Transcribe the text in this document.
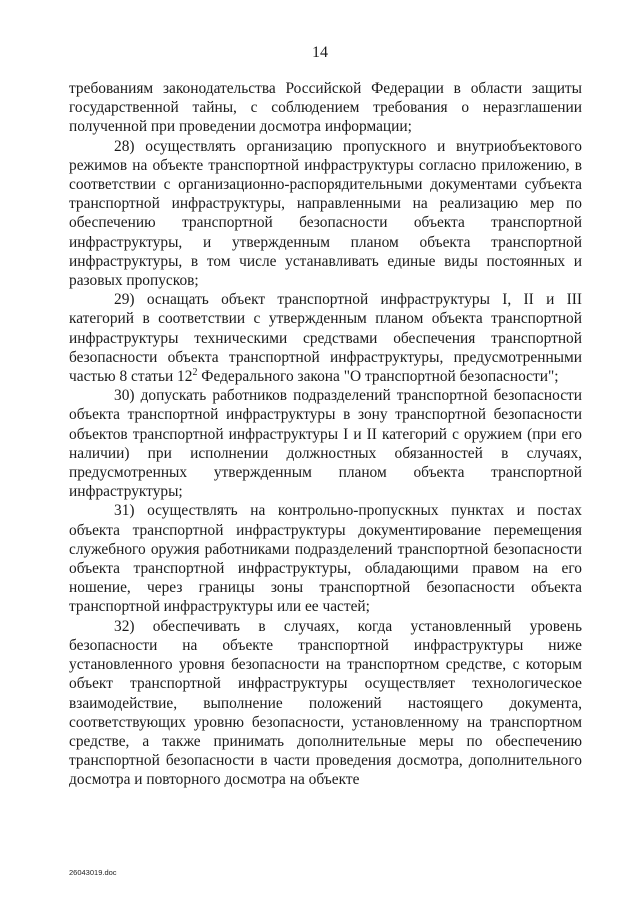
14

требованиям законодательства Российской Федерации в области защиты государственной тайны, с соблюдением требования о неразглашении полученной при проведении досмотра информации;

28) осуществлять организацию пропускного и внутриобъектового режимов на объекте транспортной инфраструктуры согласно приложению, в соответствии с организационно-распорядительными документами субъекта транспортной инфраструктуры, направленными на реализацию мер по обеспечению транспортной безопасности объекта транспортной инфраструктуры, и утвержденным планом объекта транспортной инфраструктуры, в том числе устанавливать единые виды постоянных и разовых пропусков;

29) оснащать объект транспортной инфраструктуры I, II и III категорий в соответствии с утвержденным планом объекта транспортной инфраструктуры техническими средствами обеспечения транспортной безопасности объекта транспортной инфраструктуры, предусмотренными частью 8 статьи $12^2$ Федерального закона "О транспортной безопасности";

30) допускать работников подразделений транспортной безопасности объекта транспортной инфраструктуры в зону транспортной безопасности объектов транспортной инфраструктуры I и II категорий с оружием (при его наличии) при исполнении должностных обязанностей в случаях, предусмотренных утвержденным планом объекта транспортной инфраструктуры;

31) осуществлять на контрольно-пропускных пунктах и постах объекта транспортной инфраструктуры документирование перемещения служебного оружия работниками подразделений транспортной безопасности объекта транспортной инфраструктуры, обладающими правом на его ношение, через границы зоны транспортной безопасности объекта транспортной инфраструктуры или ее частей;

32) обеспечивать в случаях, когда установленный уровень безопасности на объекте транспортной инфраструктуры ниже установленного уровня безопасности на транспортном средстве, с которым объект транспортной инфраструктуры осуществляет технологическое взаимодействие, выполнение положений настоящего документа, соответствующих уровню безопасности, установленному на транспортном средстве, а также принимать дополнительные меры по обеспечению транспортной безопасности в части проведения досмотра, дополнительного досмотра и повторного досмотра на объекте

26043019.doc
